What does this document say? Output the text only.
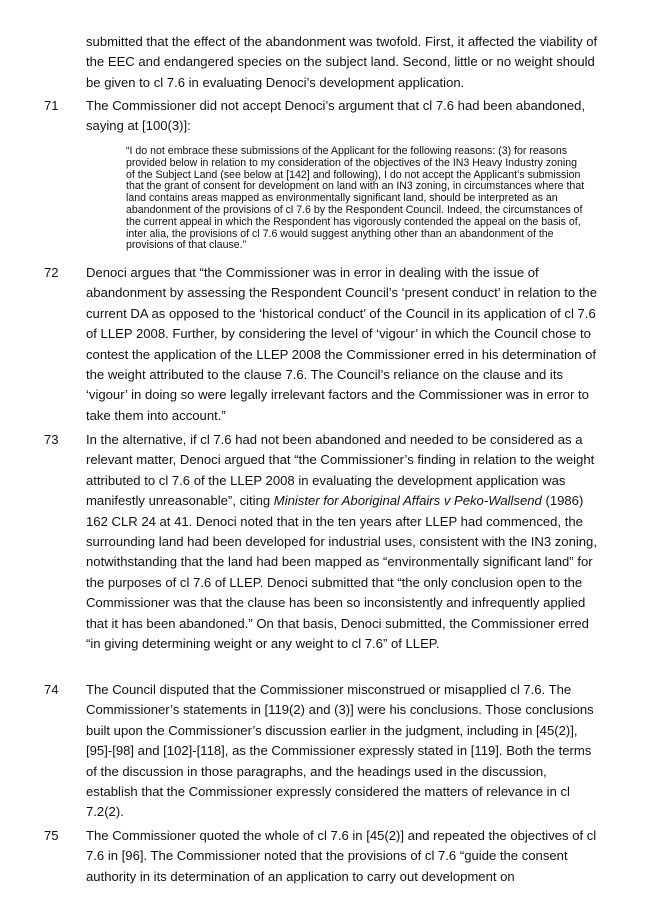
submitted that the effect of the abandonment was twofold. First, it affected the viability of the EEC and endangered species on the subject land. Second, little or no weight should be given to cl 7.6 in evaluating Denoci’s development application.

71 The Commissioner did not accept Denoci’s argument that cl 7.6 had been abandoned, saying at [100(3)]:

“I do not embrace these submissions of the Applicant for the following reasons: (3) for reasons provided below in relation to my consideration of the objectives of the IN3 Heavy Industry zoning of the Subject Land (see below at [142] and following), I do not accept the Applicant’s submission that the grant of consent for development on land with an IN3 zoning, in circumstances where that land contains areas mapped as environmentally significant land, should be interpreted as an abandonment of the provisions of cl 7.6 by the Respondent Council. Indeed, the circumstances of the current appeal in which the Respondent has vigorously contended the appeal on the basis of, inter alia, the provisions of cl 7.6 would suggest anything other than an abandonment of the provisions of that clause.”

72 Denoci argues that “the Commissioner was in error in dealing with the issue of abandonment by assessing the Respondent Council’s ‘present conduct’ in relation to the current DA as opposed to the ‘historical conduct’ of the Council in its application of cl 7.6 of LLEP 2008. Further, by considering the level of ‘vigour’ in which the Council chose to contest the application of the LLEP 2008 the Commissioner erred in his determination of the weight attributed to the clause 7.6. The Council’s reliance on the clause and its ‘vigour’ in doing so were legally irrelevant factors and the Commissioner was in error to take them into account.”

73 In the alternative, if cl 7.6 had not been abandoned and needed to be considered as a relevant matter, Denoci argued that “the Commissioner’s finding in relation to the weight attributed to cl 7.6 of the LLEP 2008 in evaluating the development application was manifestly unreasonable”, citing Minister for Aboriginal Affairs v Peko-Wallsend (1986) 162 CLR 24 at 41. Denoci noted that in the ten years after LLEP had commenced, the surrounding land had been developed for industrial uses, consistent with the IN3 zoning, notwithstanding that the land had been mapped as “environmentally significant land” for the purposes of cl 7.6 of LLEP. Denoci submitted that “the only conclusion open to the Commissioner was that the clause has been so inconsistently and infrequently applied that it has been abandoned.” On that basis, Denoci submitted, the Commissioner erred “in giving determining weight or any weight to cl 7.6” of LLEP.

74 The Council disputed that the Commissioner misconstrued or misapplied cl 7.6. The Commissioner’s statements in [119(2) and (3)] were his conclusions. Those conclusions built upon the Commissioner’s discussion earlier in the judgment, including in [45(2)], [95]-[98] and [102]-[118], as the Commissioner expressly stated in [119]. Both the terms of the discussion in those paragraphs, and the headings used in the discussion, establish that the Commissioner expressly considered the matters of relevance in cl 7.2(2).

75 The Commissioner quoted the whole of cl 7.6 in [45(2)] and repeated the objectives of cl 7.6 in [96]. The Commissioner noted that the provisions of cl 7.6 “guide the consent authority in its determination of an application to carry out development on
